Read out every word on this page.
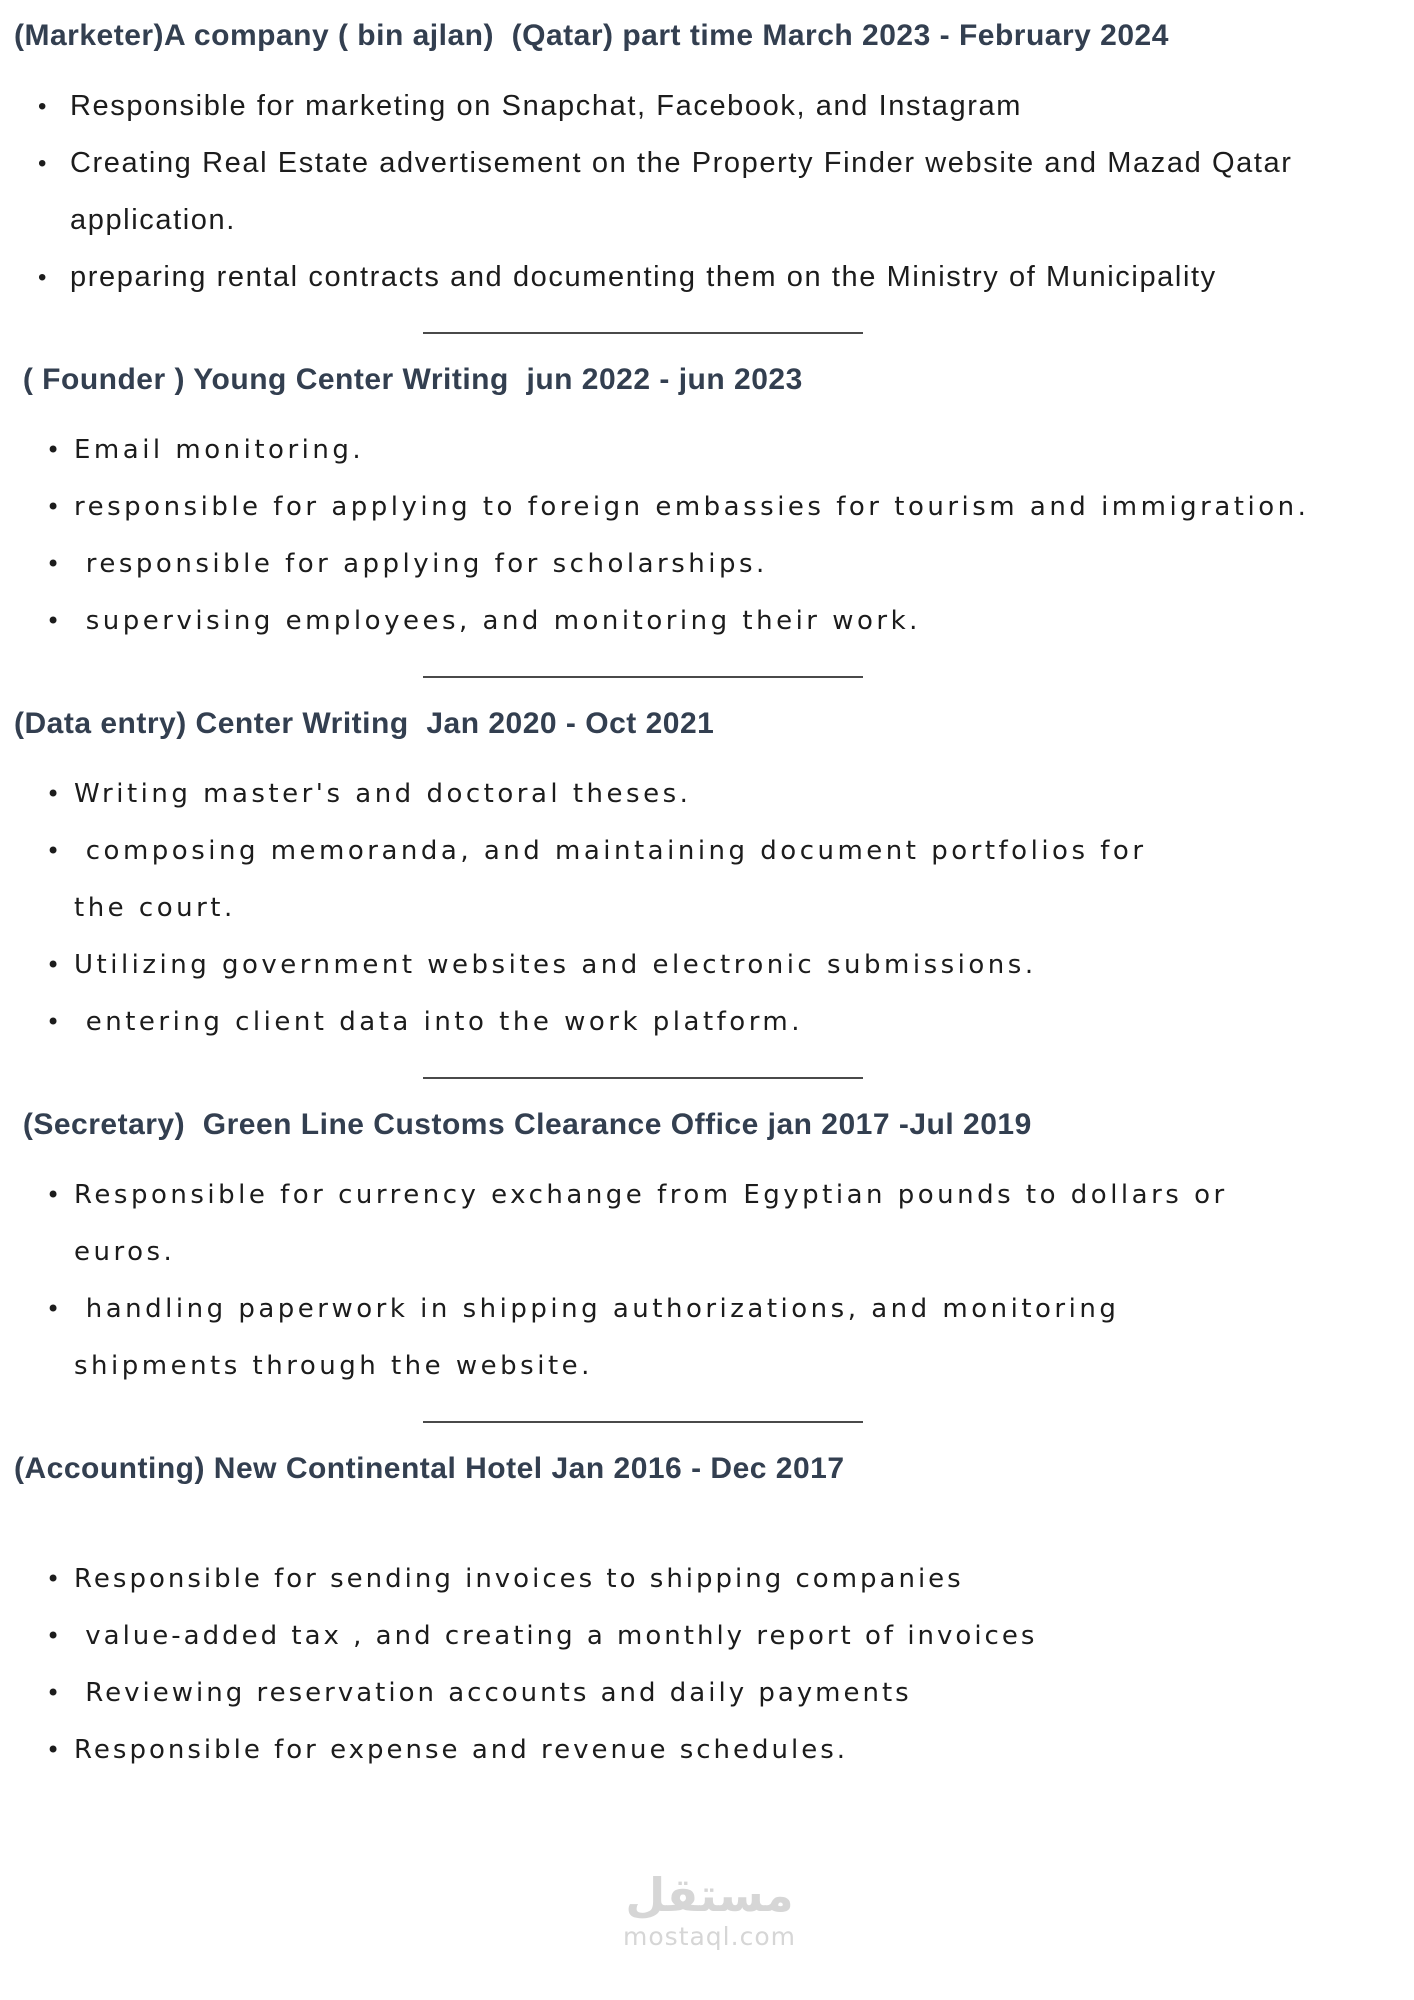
(Marketer)A company ( bin ajlan)  (Qatar) part time March 2023 - February 2024
• Responsible for marketing on Snapchat, Facebook, and Instagram
• Creating Real Estate advertisement on the Property Finder website and Mazad Qatar application.
• preparing rental contracts and documenting them on the Ministry of Municipality
( Founder ) Young Center Writing  jun 2022 - jun 2023
• Email monitoring.
• responsible for applying to foreign embassies for tourism and immigration.
• responsible for applying for scholarships.
• supervising employees, and monitoring their work.
(Data entry) Center Writing  Jan 2020 - Oct 2021
• Writing master's and doctoral theses.
• composing memoranda, and maintaining document portfolios for the court.
• Utilizing government websites and electronic submissions.
• entering client data into the work platform.
(Secretary)  Green Line Customs Clearance Office jan 2017 -Jul 2019
• Responsible for currency exchange from Egyptian pounds to dollars or euros.
• handling paperwork in shipping authorizations, and monitoring shipments through the website.
(Accounting) New Continental Hotel Jan 2016 - Dec 2017
• Responsible for sending invoices to shipping companies
• value-added tax , and creating a monthly report of invoices
• Reviewing reservation accounts and daily payments
• Responsible for expense and revenue schedules.
مستقل
mostaql.com
